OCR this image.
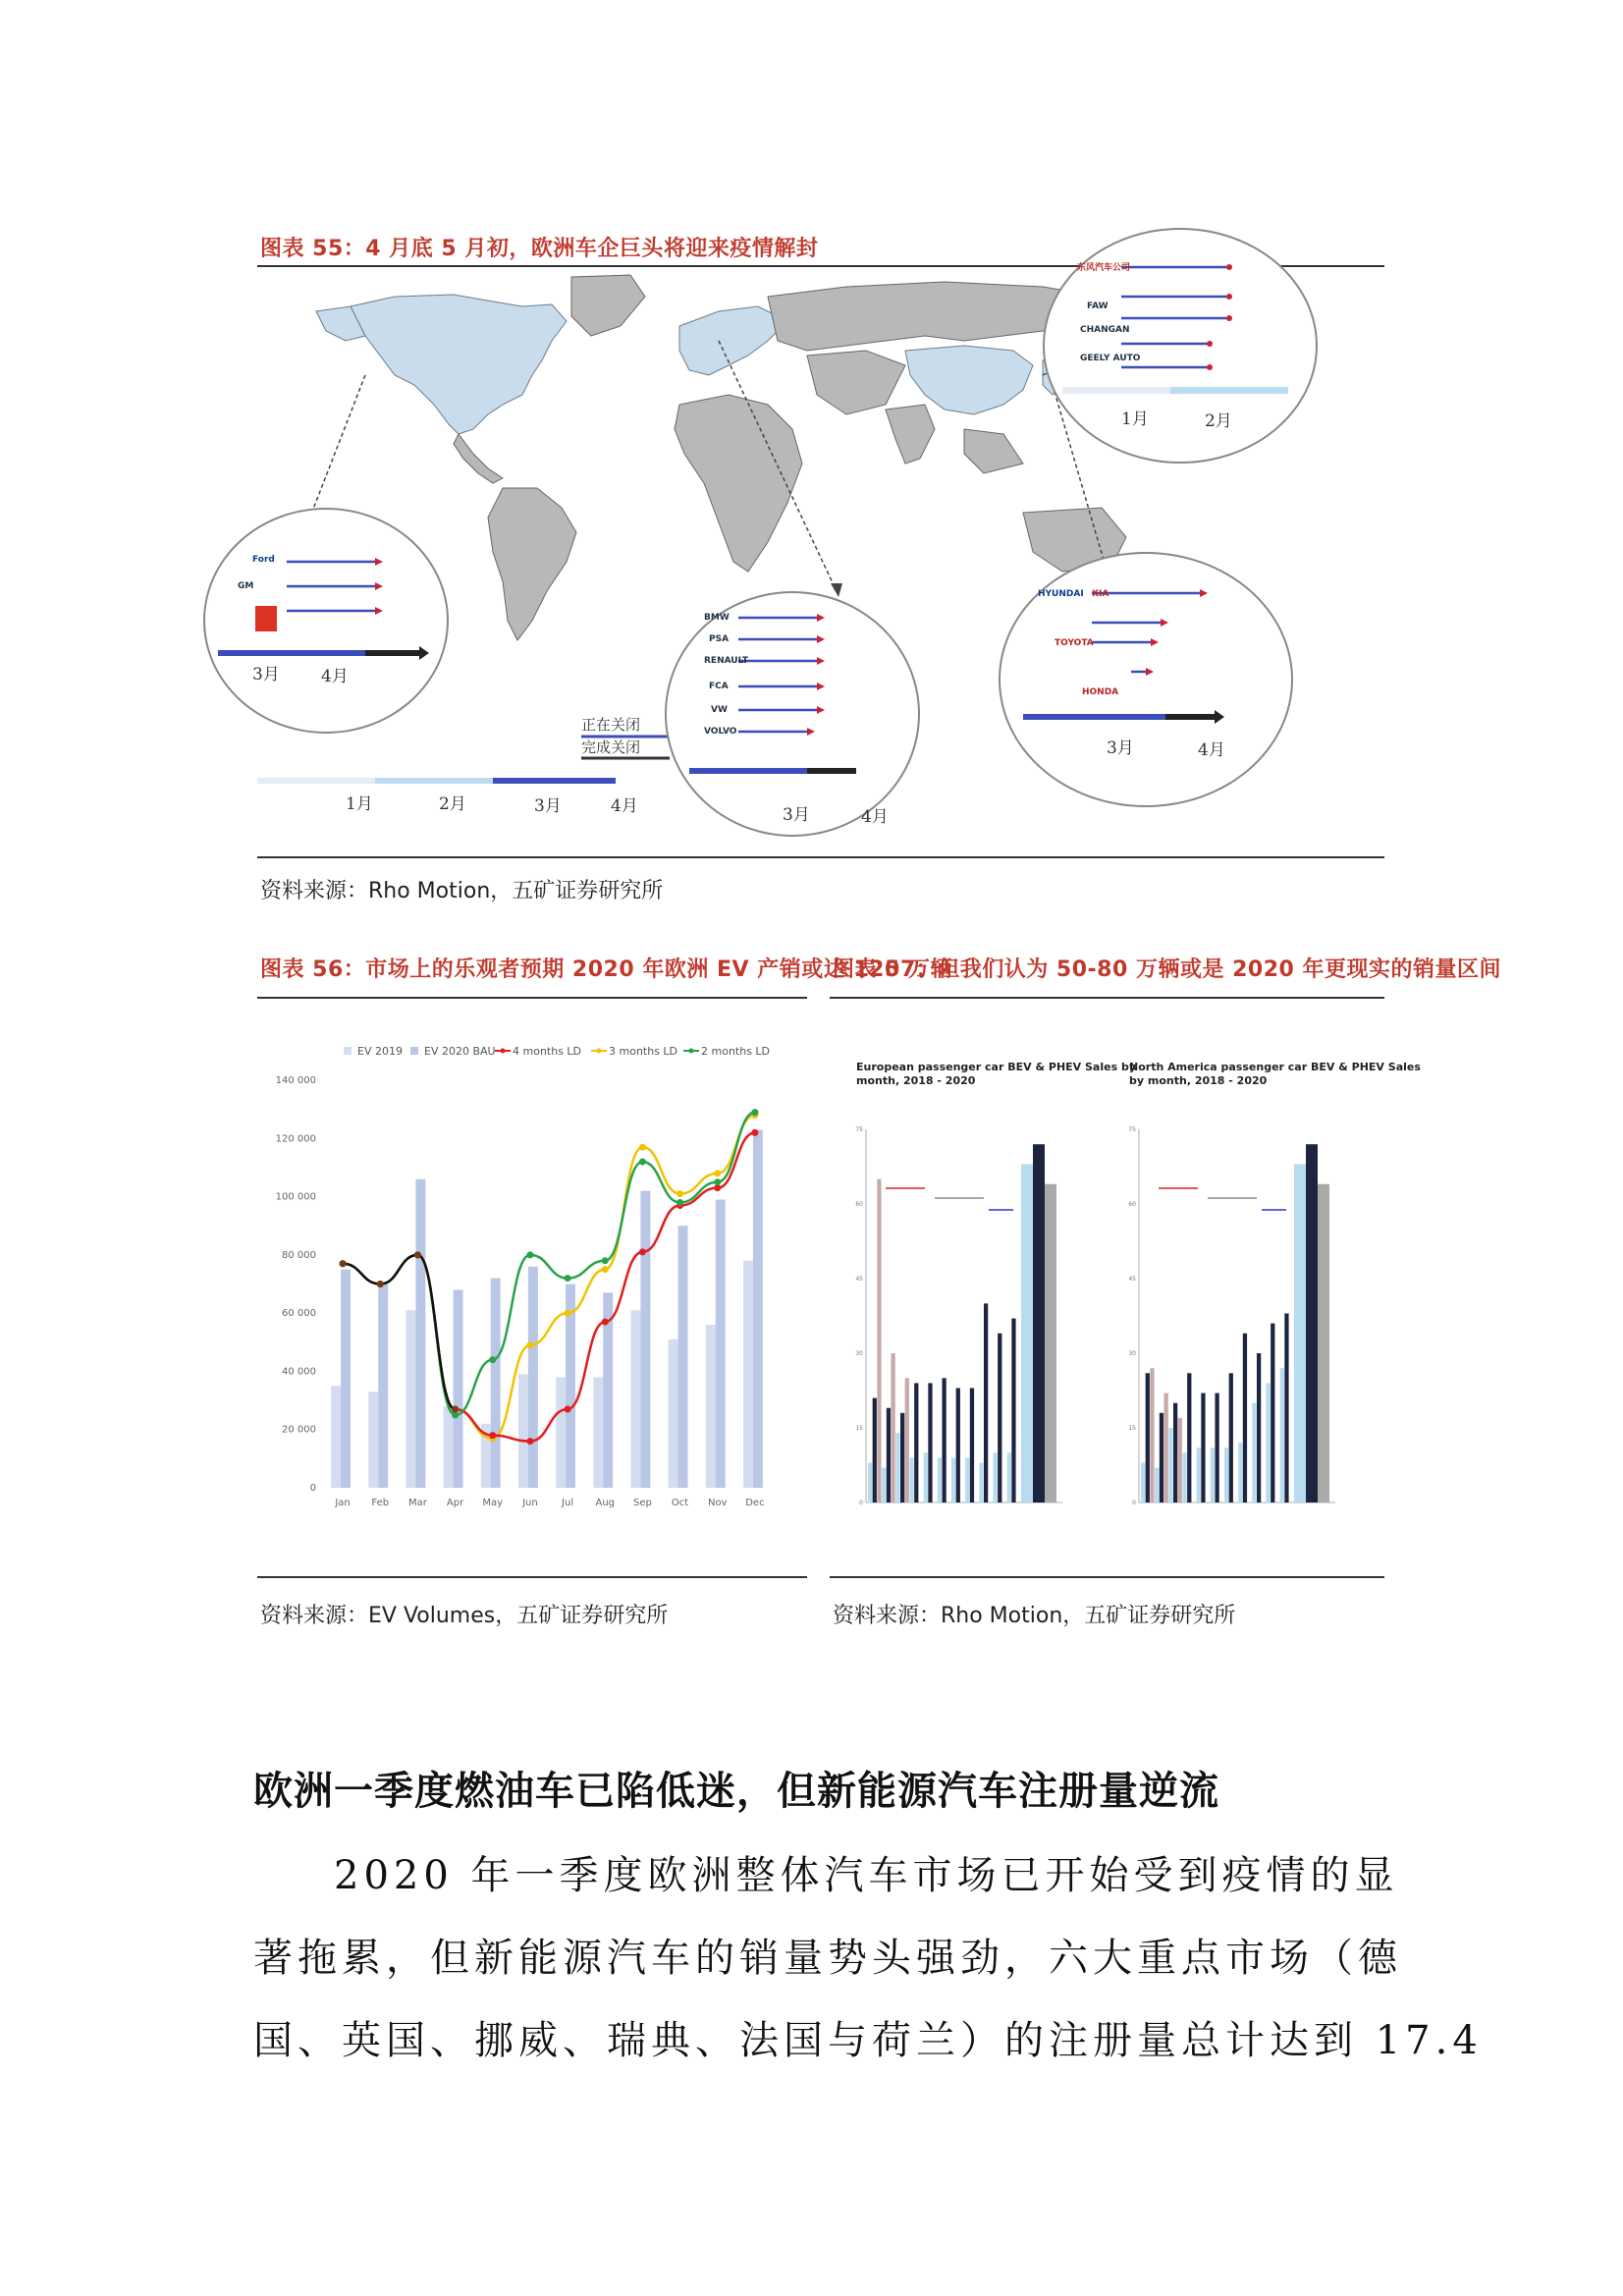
图表 55：4 月底 5 月初，欧洲车企巨头将迎来疫情解封
东风汽车公司
FAW
CHANGAN
GEELY AUTO
1月	2月
Ford
GM
3月 4月
BMW
PSA
RENAULT
FCA
VW
VOLVO
3月	4月
HYUNDAI KIA
TOYOTA
HONDA
3月	4月
正在关闭
完成关闭
1月	2月	3月	4月
资料来源：Rho Motion，五矿证券研究所
图表 56：市场上的乐观者预期 2020 年欧洲 EV 产销或达 120 万辆
EV 2019 EV 2020 BAU 4 months LD	3 months LD 2 months LD
0
20 000
40 000
60 000
80 000
100 000
120 000
140 000
Jan Feb Mar Apr May Jun Jul Aug Sep Oct Nov Dec
资料来源：EV Volumes，五矿证券研究所
图表 57：但我们认为 50-80 万辆或是 2020 年更现实的销量区间
European passenger car BEV & PHEV Sales by
month, 2018 - 2020
North America passenger car BEV & PHEV Sales
by month, 2018 - 2020
0
15
30
45
60
75
0
15
30
45
60
75
资料来源：Rho Motion，五矿证券研究所
欧洲一季度燃油车已陷低迷，但新能源汽车注册量逆流
2020 年一季度欧洲整体汽车市场已开始受到疫情的显
著拖累，但新能源汽车的销量势头强劲，六大重点市场（德
国、英国、挪威、瑞典、法国与荷兰）的注册量总计达到 17.4
